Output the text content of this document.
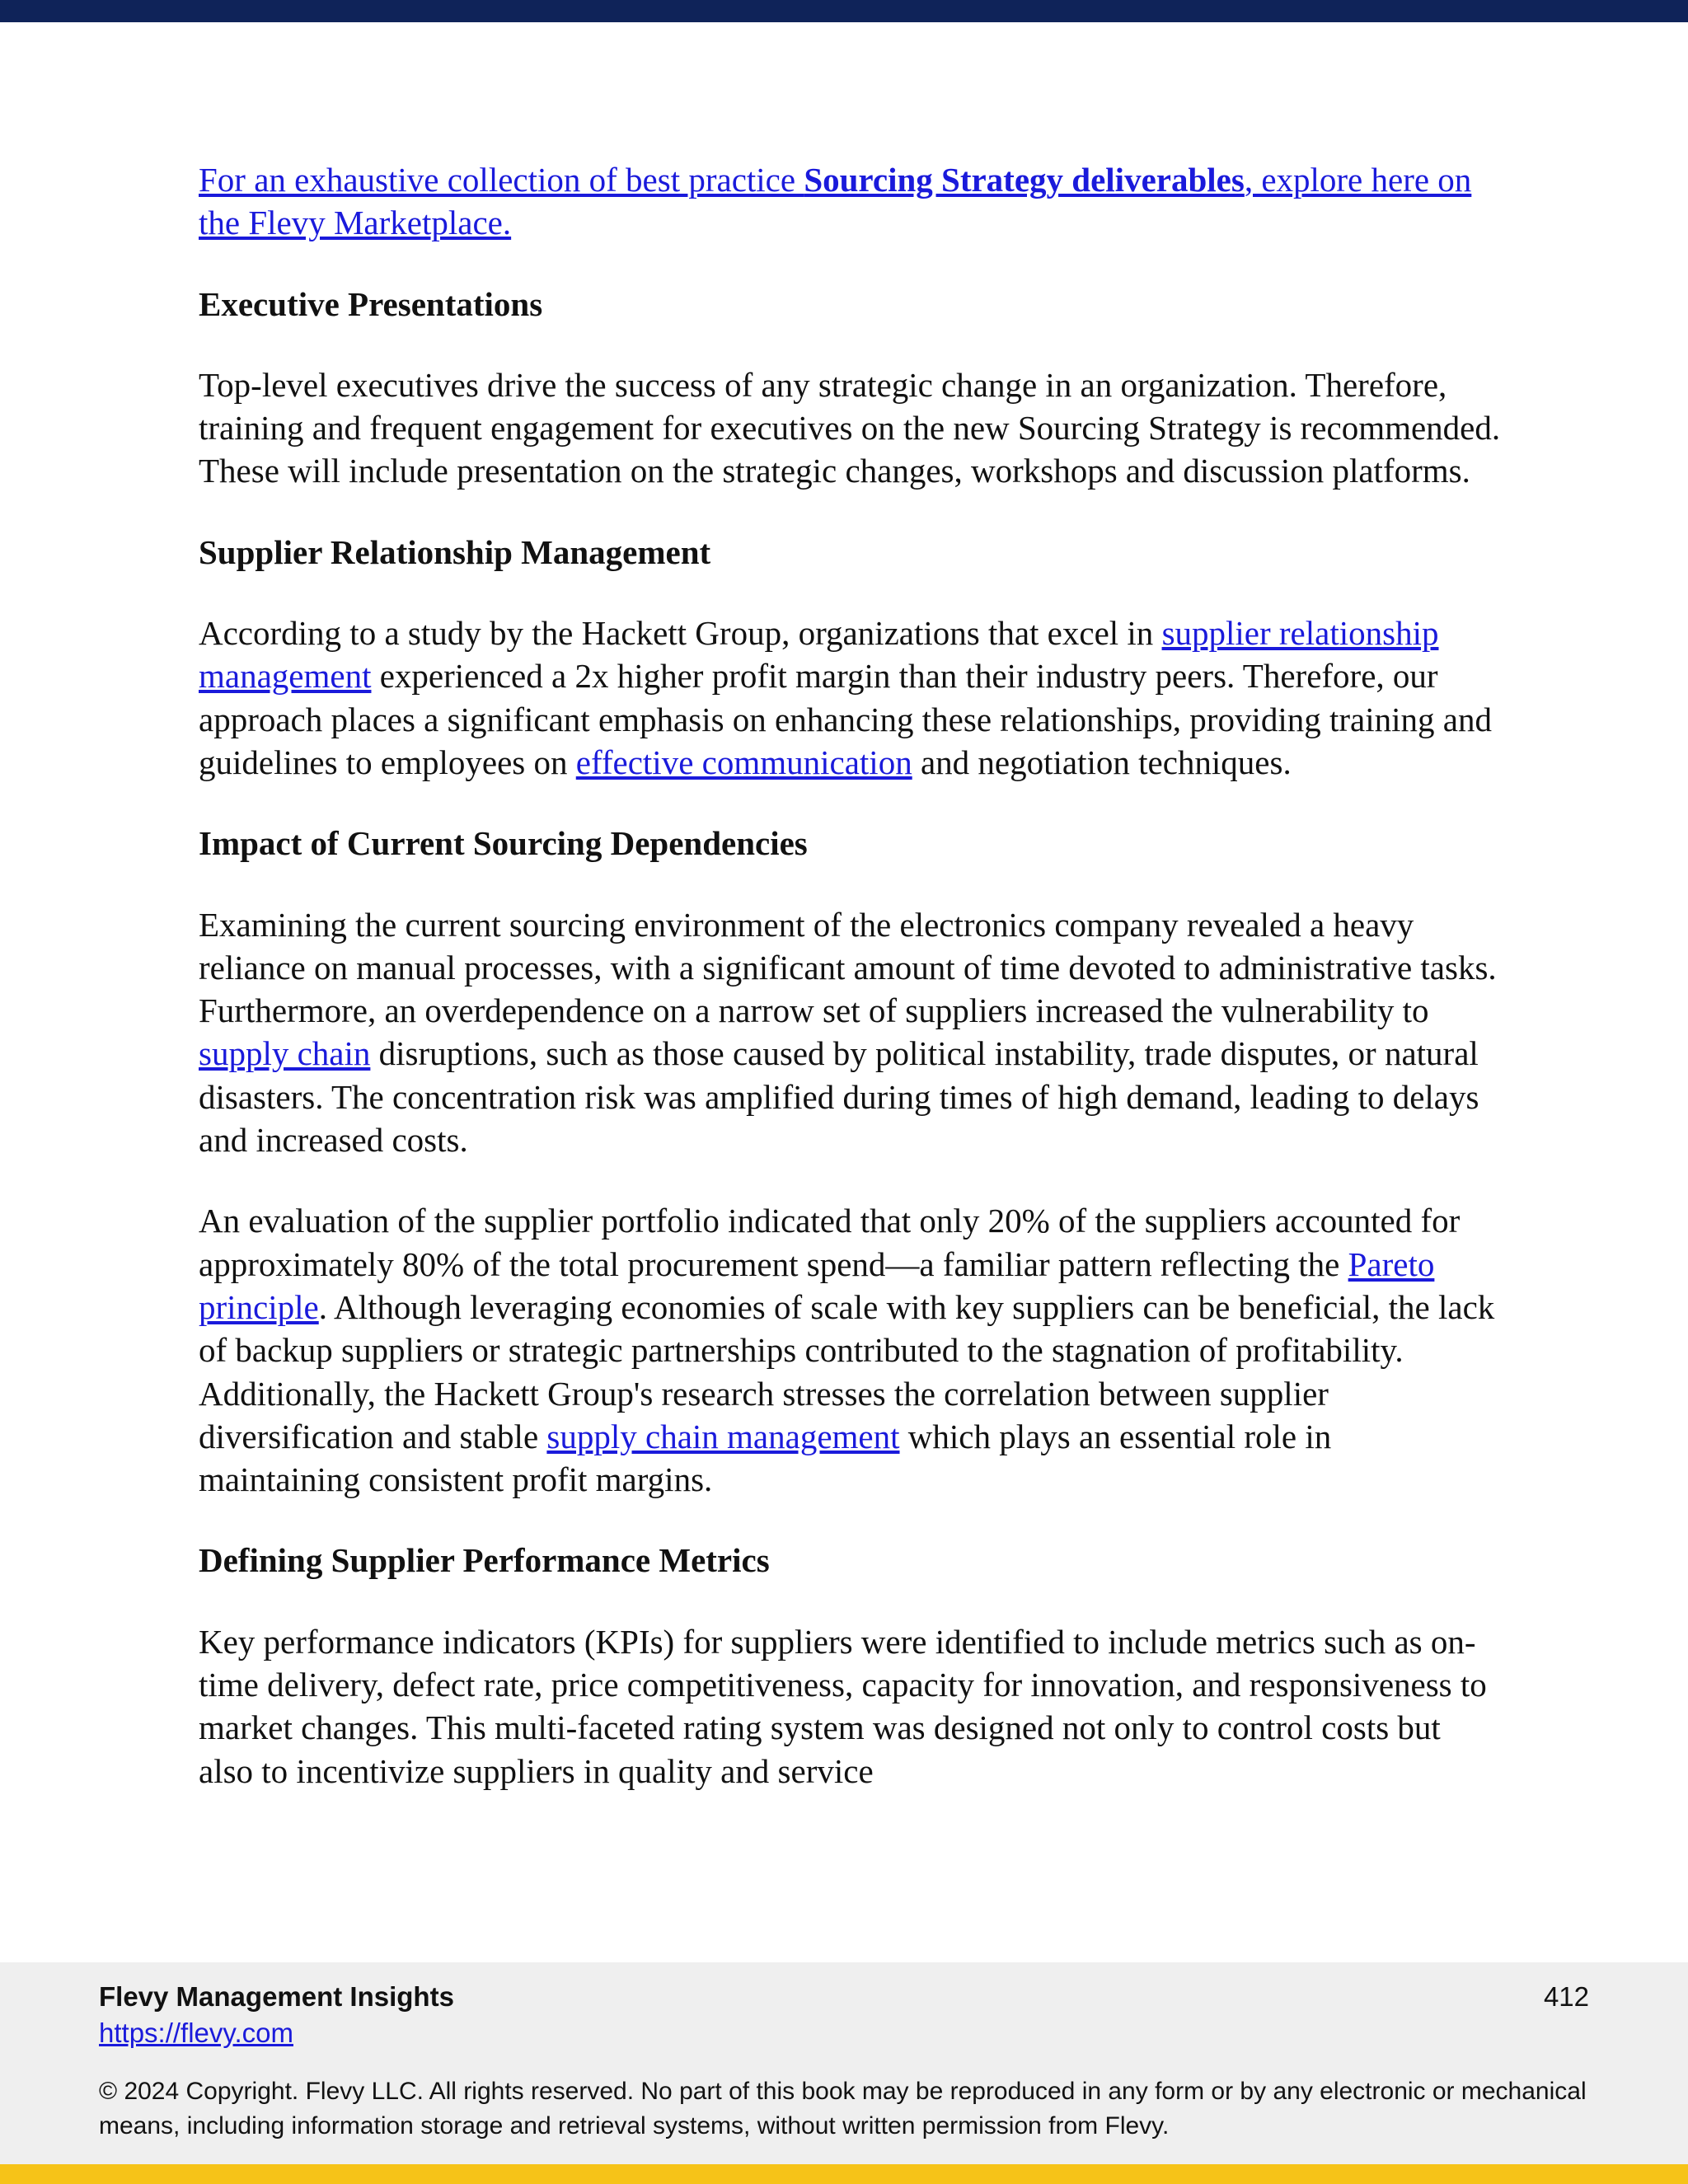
For an exhaustive collection of best practice Sourcing Strategy deliverables, explore here on the Flevy Marketplace.

Executive Presentations

Top-level executives drive the success of any strategic change in an organization. Therefore, training and frequent engagement for executives on the new Sourcing Strategy is recommended. These will include presentation on the strategic changes, workshops and discussion platforms.

Supplier Relationship Management

According to a study by the Hackett Group, organizations that excel in supplier relationship management experienced a 2x higher profit margin than their industry peers. Therefore, our approach places a significant emphasis on enhancing these relationships, providing training and guidelines to employees on effective communication and negotiation techniques.

Impact of Current Sourcing Dependencies

Examining the current sourcing environment of the electronics company revealed a heavy reliance on manual processes, with a significant amount of time devoted to administrative tasks. Furthermore, an overdependence on a narrow set of suppliers increased the vulnerability to supply chain disruptions, such as those caused by political instability, trade disputes, or natural disasters. The concentration risk was amplified during times of high demand, leading to delays and increased costs.

An evaluation of the supplier portfolio indicated that only 20% of the suppliers accounted for approximately 80% of the total procurement spend—a familiar pattern reflecting the Pareto principle. Although leveraging economies of scale with key suppliers can be beneficial, the lack of backup suppliers or strategic partnerships contributed to the stagnation of profitability. Additionally, the Hackett Group's research stresses the correlation between supplier diversification and stable supply chain management which plays an essential role in maintaining consistent profit margins.

Defining Supplier Performance Metrics

Key performance indicators (KPIs) for suppliers were identified to include metrics such as on-time delivery, defect rate, price competitiveness, capacity for innovation, and responsiveness to market changes. This multi-faceted rating system was designed not only to control costs but also to incentivize suppliers in quality and service

Flevy Management Insights
https://flevy.com
412
© 2024 Copyright. Flevy LLC. All rights reserved. No part of this book may be reproduced in any form or by any electronic or mechanical means, including information storage and retrieval systems, without written permission from Flevy.
